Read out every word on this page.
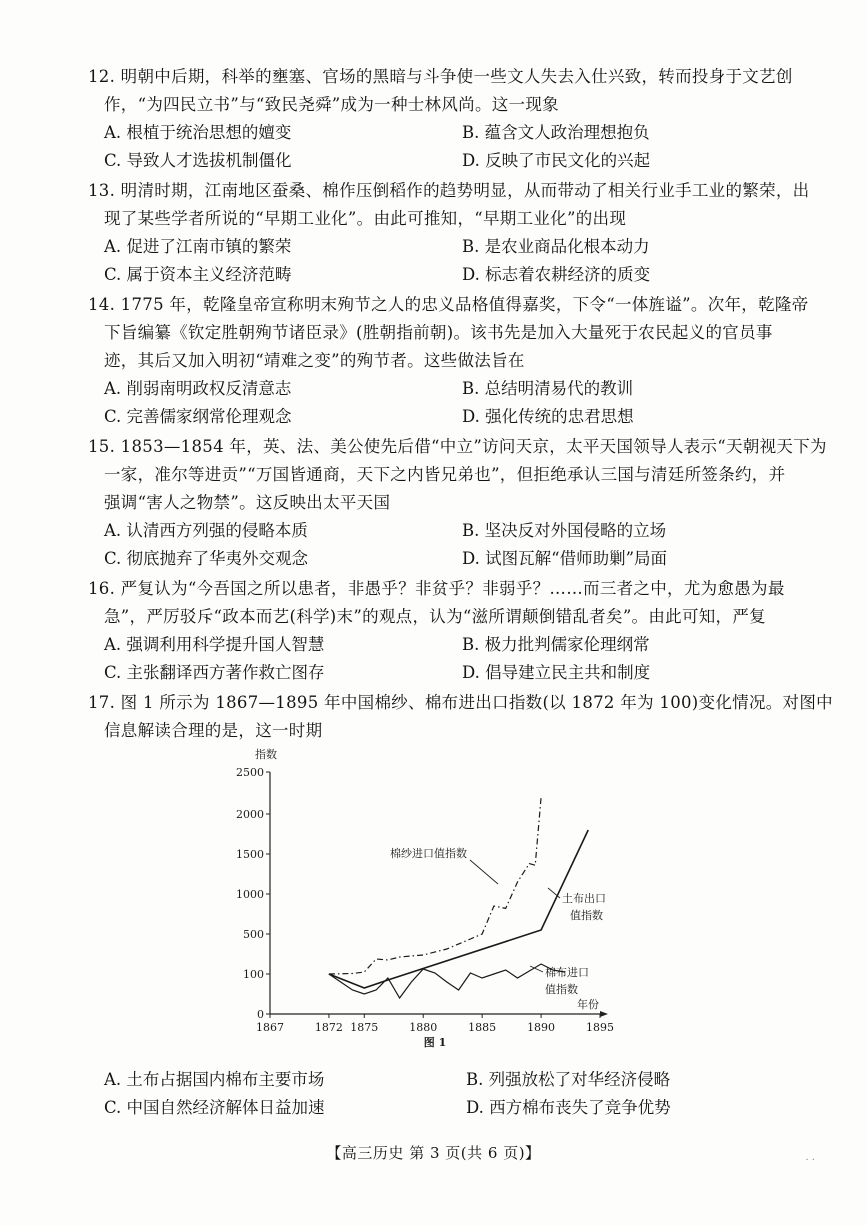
12. 明朝中后期，科举的壅塞、官场的黑暗与斗争使一些文人失去入仕兴致，转而投身于文艺创
作，“为四民立书”与“致民尧舜”成为一种士林风尚。这一现象
A. 根植于统治思想的嬗变	B. 蕴含文人政治理想抱负
C. 导致人才选拔机制僵化	D. 反映了市民文化的兴起
13. 明清时期，江南地区蚕桑、棉作压倒稻作的趋势明显，从而带动了相关行业手工业的繁荣，出
现了某些学者所说的“早期工业化”。由此可推知，“早期工业化”的出现
A. 促进了江南市镇的繁荣	B. 是农业商品化根本动力
C. 属于资本主义经济范畴	D. 标志着农耕经济的质变
14. 1775 年，乾隆皇帝宣称明末殉节之人的忠义品格值得嘉奖，下令“一体旌谥”。次年，乾隆帝
下旨编纂《钦定胜朝殉节诸臣录》(胜朝指前朝)。该书先是加入大量死于农民起义的官员事
迹，其后又加入明初“靖难之变”的殉节者。这些做法旨在
A. 削弱南明政权反清意志	B. 总结明清易代的教训
C. 完善儒家纲常伦理观念	D. 强化传统的忠君思想
15. 1853—1854 年，英、法、美公使先后借“中立”访问天京，太平天国领导人表示“天朝视天下为
一家，准尔等进贡”“万国皆通商，天下之内皆兄弟也”，但拒绝承认三国与清廷所签条约，并
强调“害人之物禁”。这反映出太平天国
A. 认清西方列强的侵略本质	B. 坚决反对外国侵略的立场
C. 彻底抛弃了华夷外交观念	D. 试图瓦解“借师助剿”局面
16. 严复认为“今吾国之所以患者，非愚乎？非贫乎？非弱乎？……而三者之中，尤为愈愚为最
急”，严厉驳斥“政本而艺(科学)末”的观点，认为“滋所谓颠倒错乱者矣”。由此可知，严复
A. 强调利用科学提升国人智慧	B. 极力批判儒家伦理纲常
C. 主张翻译西方著作救亡图存	D. 倡导建立民主共和制度
17. 图 1 所示为 1867—1895 年中国棉纱、棉布进出口指数(以 1872 年为 100)变化情况。对图中
信息解读合理的是，这一时期
0
100
500
1000
1500
2000
2500
1867	1872 1875	1880	1885	1890	1895
指数
年份
图 1
棉纱进口值指数
土布出口
值指数
棉布进口
值指数
A. 土布占据国内棉布主要市场	B. 列强放松了对华经济侵略
C. 中国自然经济解体日益加速	D. 西方棉布丧失了竞争优势
【高三历史 第 3 页(共 6 页)】	. .
